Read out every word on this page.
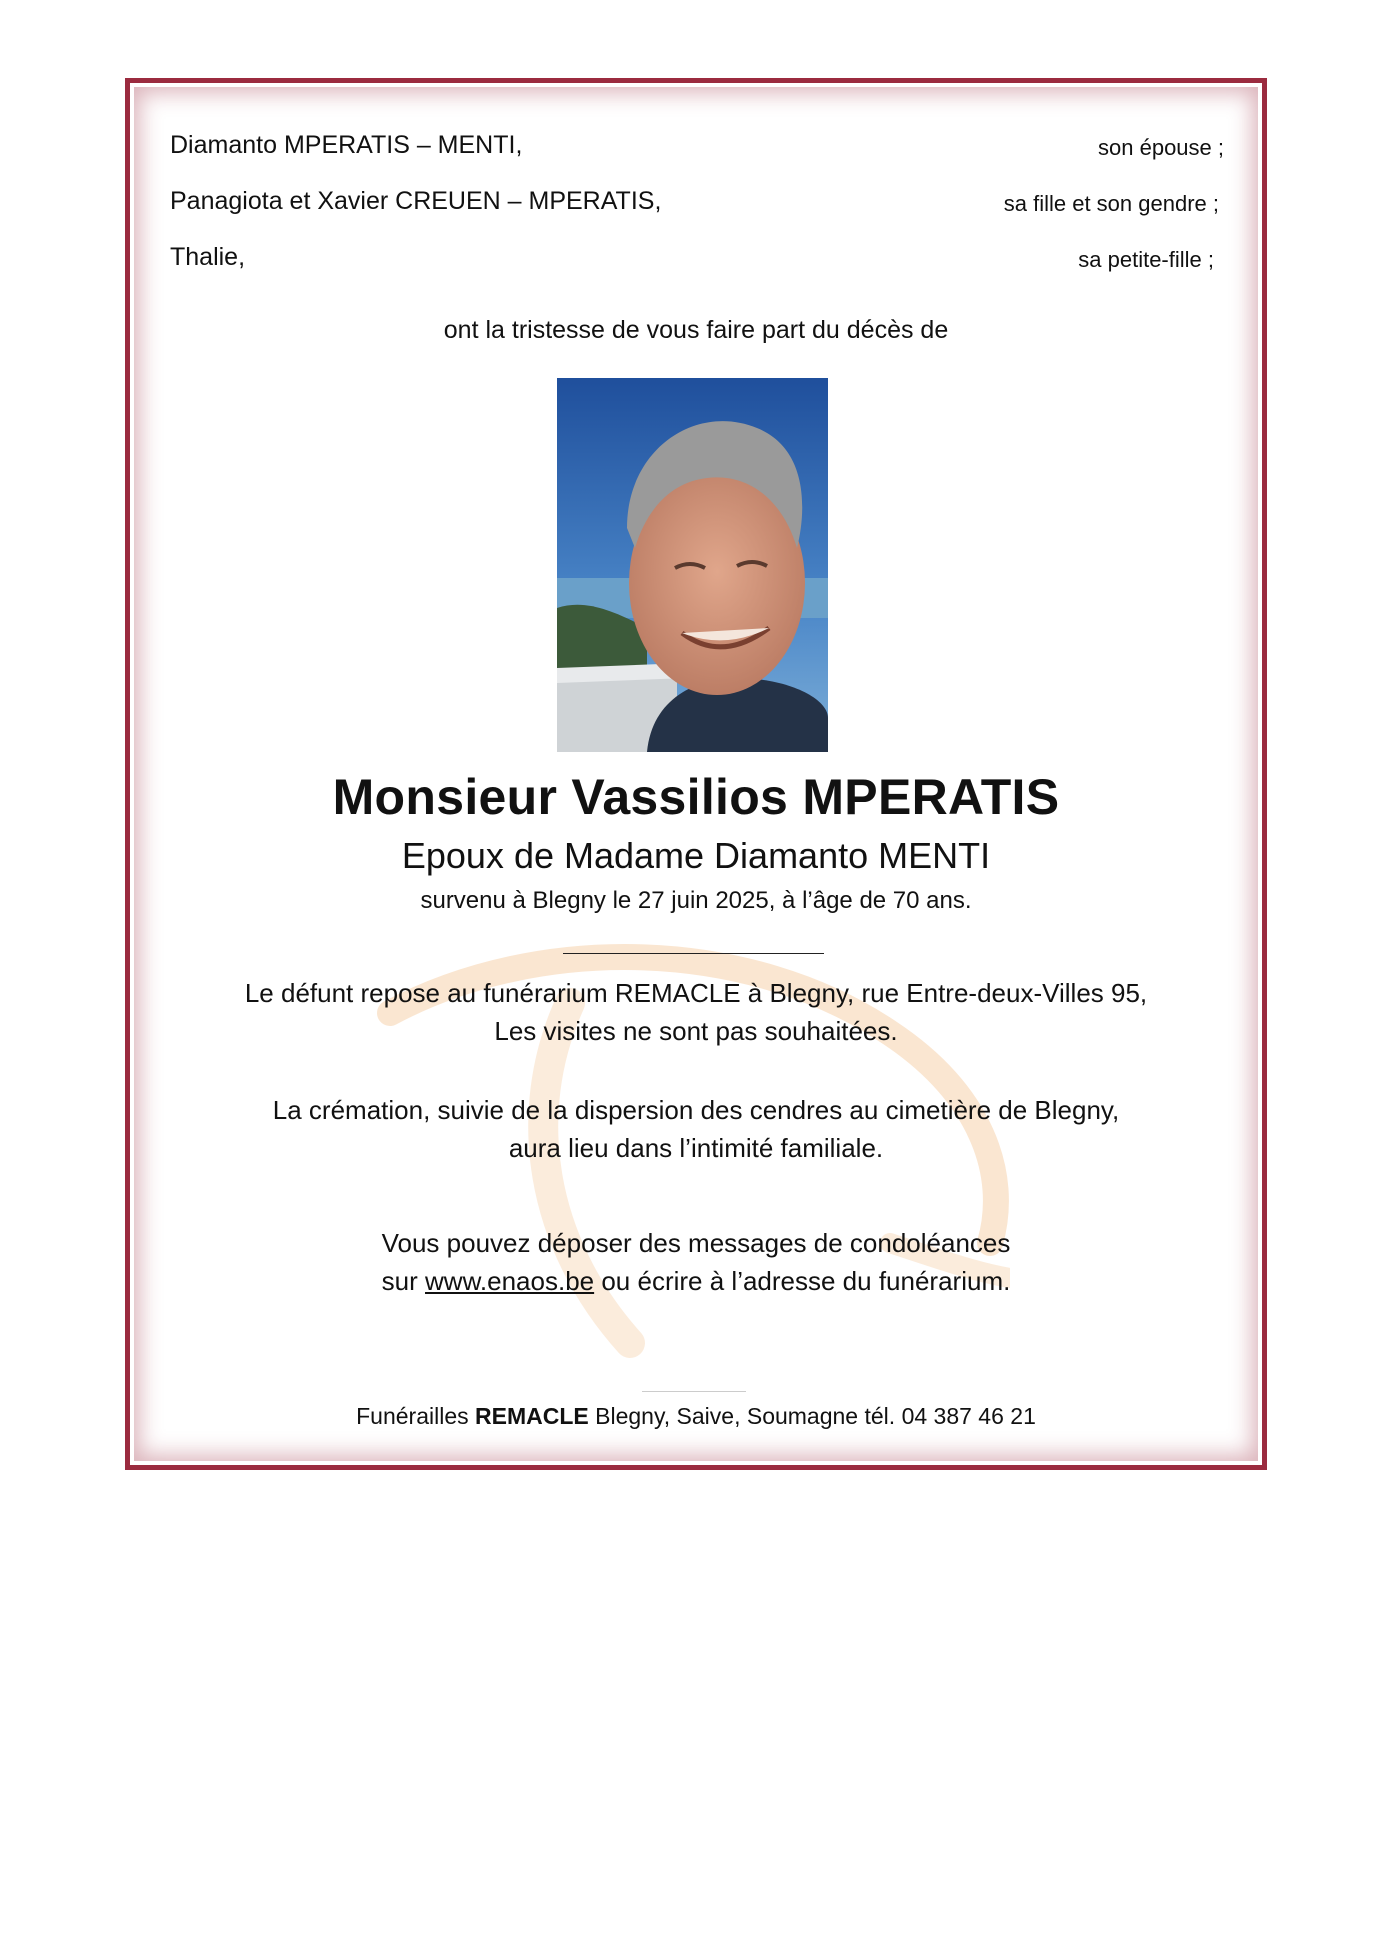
Diamanto MPERATIS – MENTI,	son épouse ;
Panagiota et Xavier CREUEN – MPERATIS,	sa fille et son gendre ;
Thalie,	sa petite-fille ;
ont la tristesse de vous faire part du décès de
Monsieur Vassilios MPERATIS
Epoux de Madame Diamanto MENTI
survenu à Blegny le 27 juin 2025, à l’âge de 70 ans.
Le défunt repose au funérarium REMACLE à Blegny, rue Entre-deux-Villes 95,
Les visites ne sont pas souhaitées.
La crémation, suivie de la dispersion des cendres au cimetière de Blegny,
aura lieu dans l’intimité familiale.
Vous pouvez déposer des messages de condoléances
sur www.enaos.be ou écrire à l’adresse du funérarium.
Funérailles REMACLE Blegny, Saive, Soumagne tél. 04 387 46 21
